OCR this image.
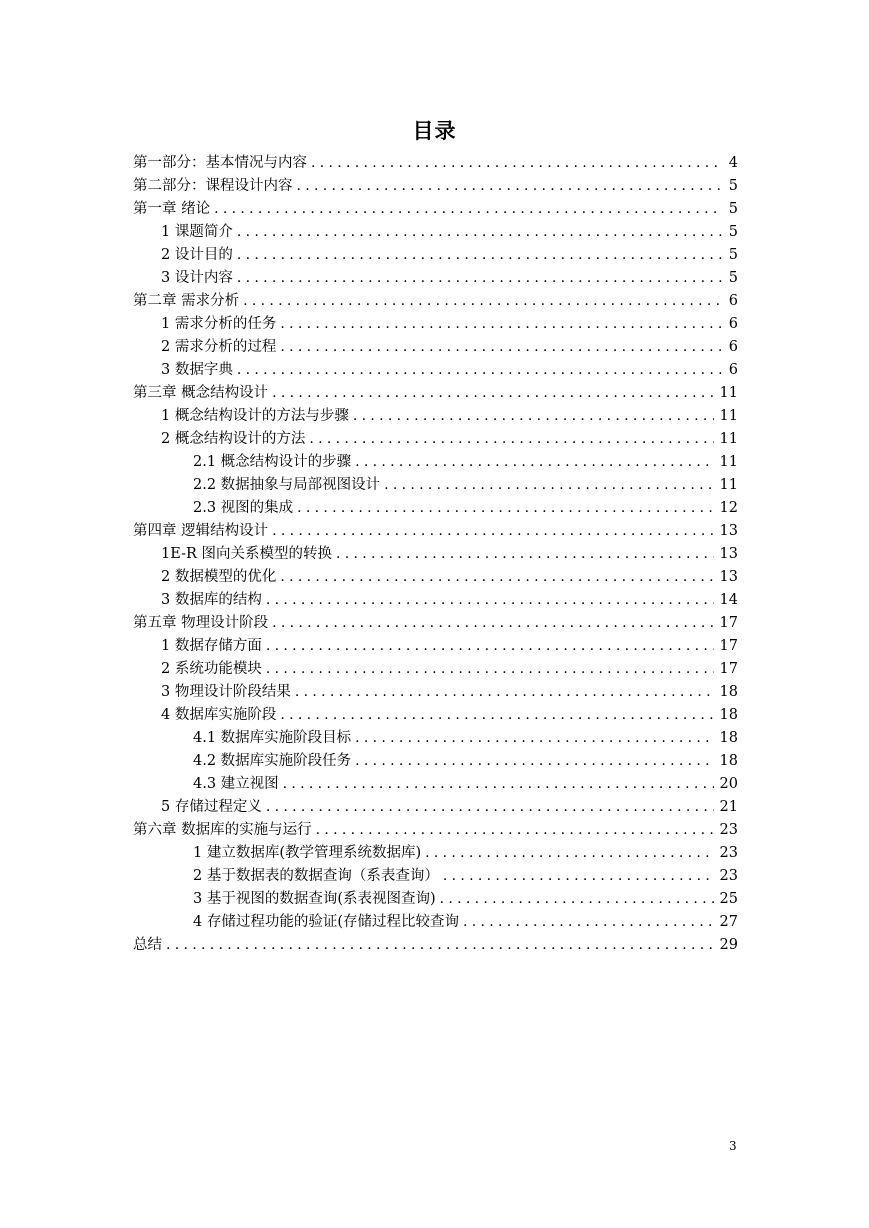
目录
第一部分：基本情况与内容 .....	4
第二部分：课程设计内容 .....	5
第一章 绪论 .....	5
1 课题简介 .....	5
2 设计目的 .....	5
3 设计内容 .....	5
第二章 需求分析 .....	6
1 需求分析的任务 .....	6
2 需求分析的过程 .....	6
3 数据字典 .....	6
第三章 概念结构设计 .....	11
1 概念结构设计的方法与步骤 .....	11
2 概念结构设计的方法 .....	11
2.1 概念结构设计的步骤 .....	11
2.2 数据抽象与局部视图设计 .....	11
2.3 视图的集成 .....	12
第四章 逻辑结构设计 .....	13
1E-R 图向关系模型的转换 .....	13
2 数据模型的优化 .....	13
3 数据库的结构 .....	14
第五章 物理设计阶段 .....	17
1 数据存储方面 .....	17
2 系统功能模块 .....	17
3 物理设计阶段结果 .....	18
4 数据库实施阶段 .....	18
4.1 数据库实施阶段目标 .....	18
4.2 数据库实施阶段任务 .....	18
4.3 建立视图 .....	20
5 存储过程定义 .....	21
第六章 数据库的实施与运行 .....	23
1 建立数据库(教学管理系统数据库) .....	23
2 基于数据表的数据查询（系表查询） .....	23
3 基于视图的数据查询(系表视图查询) .....	25
4 存储过程功能的验证(存储过程比较查询 .....	27
总结 .....	29
3
